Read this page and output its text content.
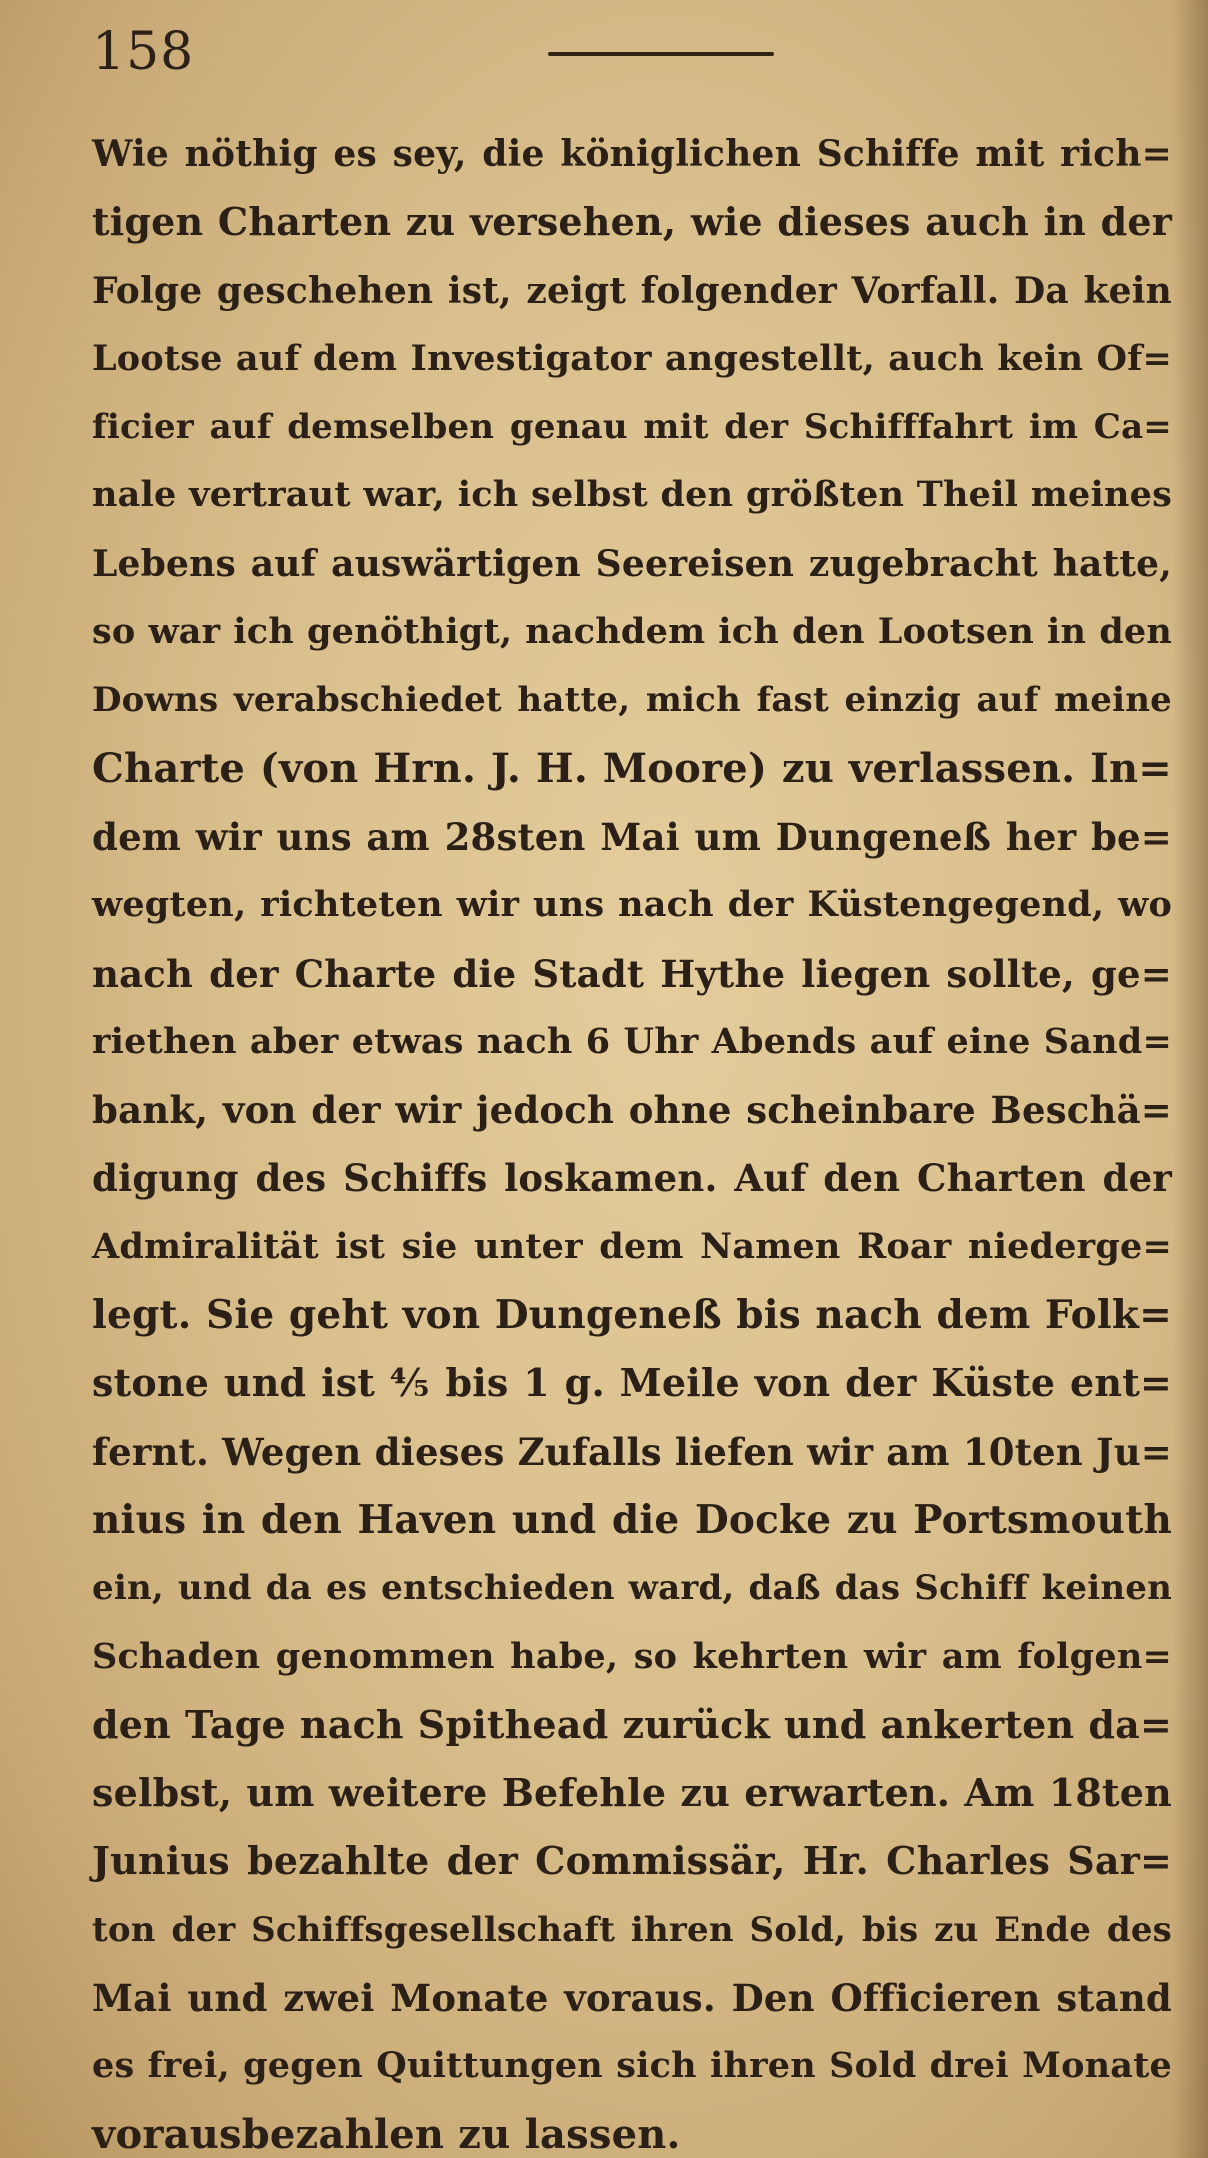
158
Wie nöthig es sey, die königlichen Schiffe mit rich=
tigen Charten zu versehen, wie dieses auch in der
Folge geschehen ist, zeigt folgender Vorfall. Da kein
Lootse auf dem Investigator angestellt, auch kein Of=
ficier auf demselben genau mit der Schifffahrt im Ca=
nale vertraut war, ich selbst den größten Theil meines
Lebens auf auswärtigen Seereisen zugebracht hatte,
so war ich genöthigt, nachdem ich den Lootsen in den
Downs verabschiedet hatte, mich fast einzig auf meine
Charte (von Hrn. J. H. Moore) zu verlassen. In=
dem wir uns am 28sten Mai um Dungeneß her be=
wegten, richteten wir uns nach der Küstengegend, wo
nach der Charte die Stadt Hythe liegen sollte, ge=
riethen aber etwas nach 6 Uhr Abends auf eine Sand=
bank, von der wir jedoch ohne scheinbare Beschä=
digung des Schiffs loskamen. Auf den Charten der
Admiralität ist sie unter dem Namen Roar niederge=
legt. Sie geht von Dungeneß bis nach dem Folk=
stone und ist ⅘ bis 1 g. Meile von der Küste ent=
fernt. Wegen dieses Zufalls liefen wir am 10ten Ju=
nius in den Haven und die Docke zu Portsmouth
ein, und da es entschieden ward, daß das Schiff keinen
Schaden genommen habe, so kehrten wir am folgen=
den Tage nach Spithead zurück und ankerten da=
selbst, um weitere Befehle zu erwarten. Am 18ten
Junius bezahlte der Commissär, Hr. Charles Sar=
ton der Schiffsgesellschaft ihren Sold, bis zu Ende des
Mai und zwei Monate voraus. Den Officieren stand
es frei, gegen Quittungen sich ihren Sold drei Monate
vorausbezahlen zu lassen.
